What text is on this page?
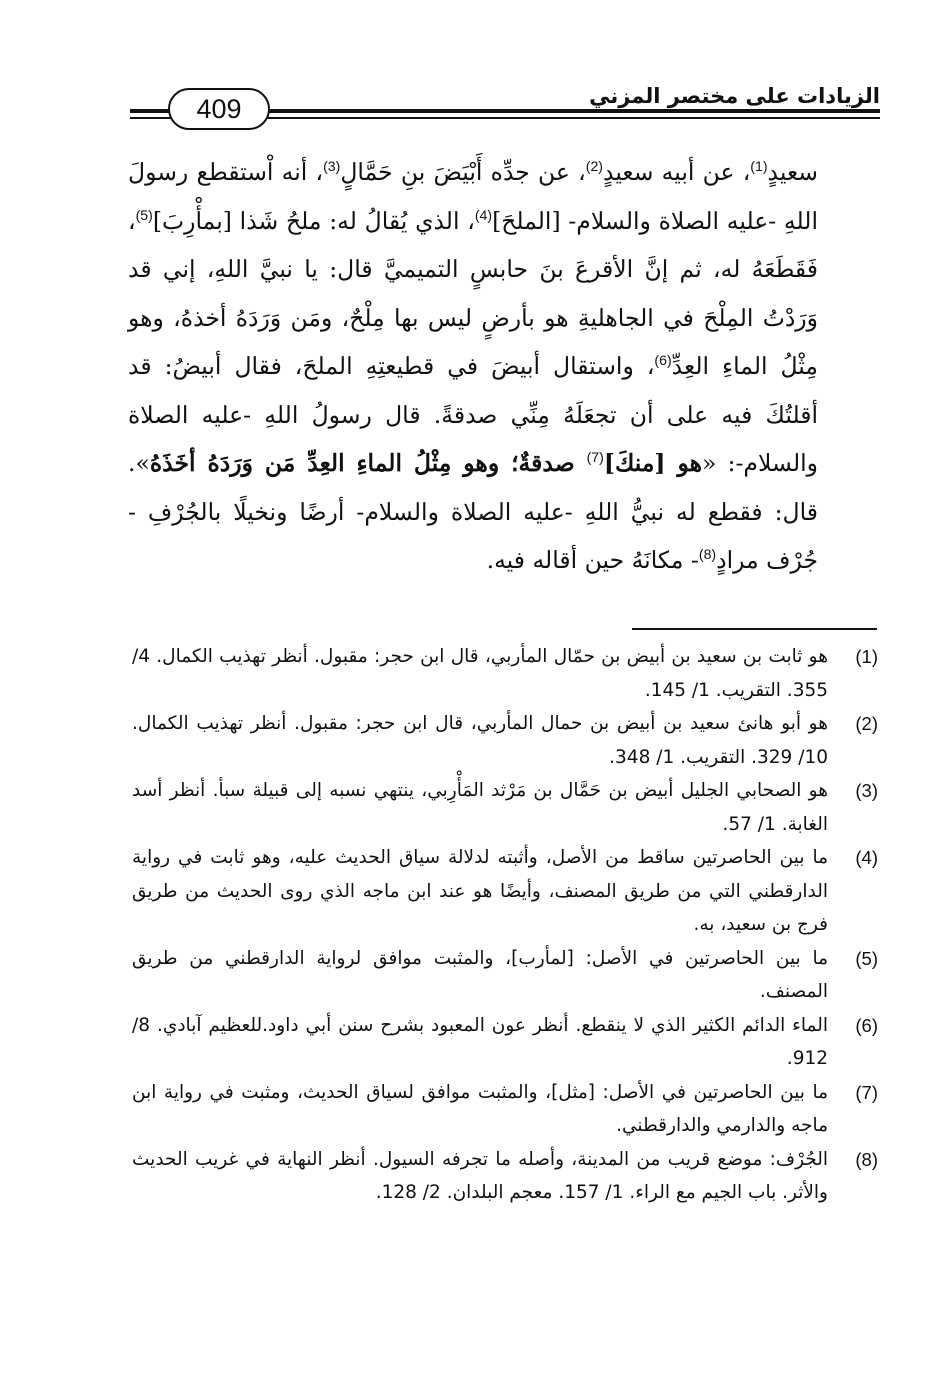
الزيادات على مختصر المزني
409

سعيدٍ$^{(1)}$، عن أبيه سعيدٍ$^{(2)}$، عن جدِّه أَبْيَضَ بنِ حَمَّالٍ$^{(3)}$، أنه اْستقطع رسولَ اللهِ -عليه الصلاة والسلام- [الملحَ]$^{(4)}$، الذي يُقالُ له: ملحُ شَذا [بمأْرِبَ]$^{(5)}$، فَقَطَعَهُ له، ثم إنَّ الأقرعَ بنَ حابسٍ التميميَّ قال: يا نبيَّ اللهِ، إني قد وَرَدْتُ المِلْحَ في الجاهليةِ هو بأرضٍ ليس بها مِلْحٌ، ومَن وَرَدَهُ أخذهُ، وهو مِثْلُ الماءِ العِدِّ$^{(6)}$، واستقال أبيضَ في قطيعتِهِ الملحَ، فقال أبيضُ: قد أقلتُكَ فيه على أن تجعَلَهُ مِنِّي صدقةً. قال رسولُ اللهِ -عليه الصلاة والسلام-: «هو [منكَ]$^{(7)}$ صدقةٌ؛ وهو مِثْلُ الماءِ العِدِّ مَن وَرَدَهُ أخَذَهُ». قال: فقطع له نبيُّ اللهِ -عليه الصلاة والسلام- أرضًا ونخيلًا بالجُرْفِ - جُرْف مرادٍ$^{(8)}$- مكانَهُ حين أقاله فيه.

(1)
هو ثابت بن سعيد بن أبيض بن حمّال المأربي، قال ابن حجر: مقبول. أنظر تهذيب الكمال. 4/ 355. التقريب. 1/ 145.
(2)
هو أبو هانئ سعيد بن أبيض بن حمال المأربي، قال ابن حجر: مقبول. أنظر تهذيب الكمال. 10/ 329. التقريب. 1/ 348.
(3)
هو الصحابي الجليل أبيض بن حَمَّال بن مَرْثد المَأْرِبي، ينتهي نسبه إلى قبيلة سبأ. أنظر أسد الغابة. 1/ 57.
(4)
ما بين الحاصرتين ساقط من الأصل، وأثبته لدلالة سياق الحديث عليه، وهو ثابت في رواية الدارقطني التي من طريق المصنف، وأيضًا هو عند ابن ماجه الذي روى الحديث من طريق فرج بن سعيد، به.
(5)
ما بين الحاصرتين في الأصل: [لمأرب]، والمثبت موافق لرواية الدارقطني من طريق المصنف.
(6)
الماء الدائم الكثير الذي لا ينقطع. أنظر عون المعبود بشرح سنن أبي داود.للعظيم آبادي. 8/ 912.
(7)
ما بين الحاصرتين في الأصل: [مثل]، والمثبت موافق لسياق الحديث، ومثبت في رواية ابن ماجه والدارمي والدارقطني.
(8)
الجُرْف: موضع قريب من المدينة، وأصله ما تجرفه السيول. أنظر النهاية في غريب الحديث والأثر. باب الجيم مع الراء. 1/ 157. معجم البلدان. 2/ 128.
